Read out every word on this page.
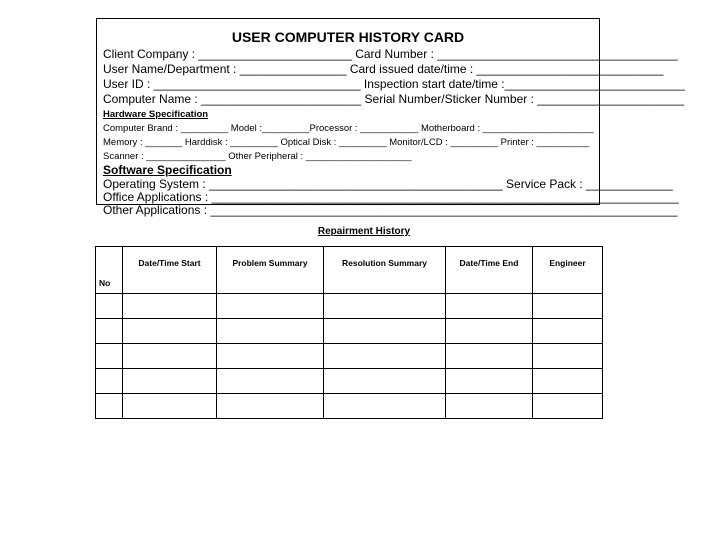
USER COMPUTER HISTORY CARD
Client Company : _______________________ Card Number : ____________________________________
User Name/Department : ________________ Card issued date/time : ____________________________
User ID : _______________________________ Inspection start date/time :___________________________
Computer Name : ________________________ Serial Number/Sticker Number : ______________________
Hardware Specification
Computer Brand : _________ Model :_________Processor : ___________ Motherboard : _____________________
Memory : _______ Harddisk : _________ Optical Disk : _________ Monitor/LCD : _________ Printer : __________
Scanner : _______________ Other Peripheral : ____________________
Software Specification
Operating System : ____________________________________________ Service Pack : _____________
Office Applications : ______________________________________________________________________
Other Applications : ______________________________________________________________________
Repairment History
No	Date/Time Start	Problem Summary	Resolution Summary	Date/Time End	Engineer
